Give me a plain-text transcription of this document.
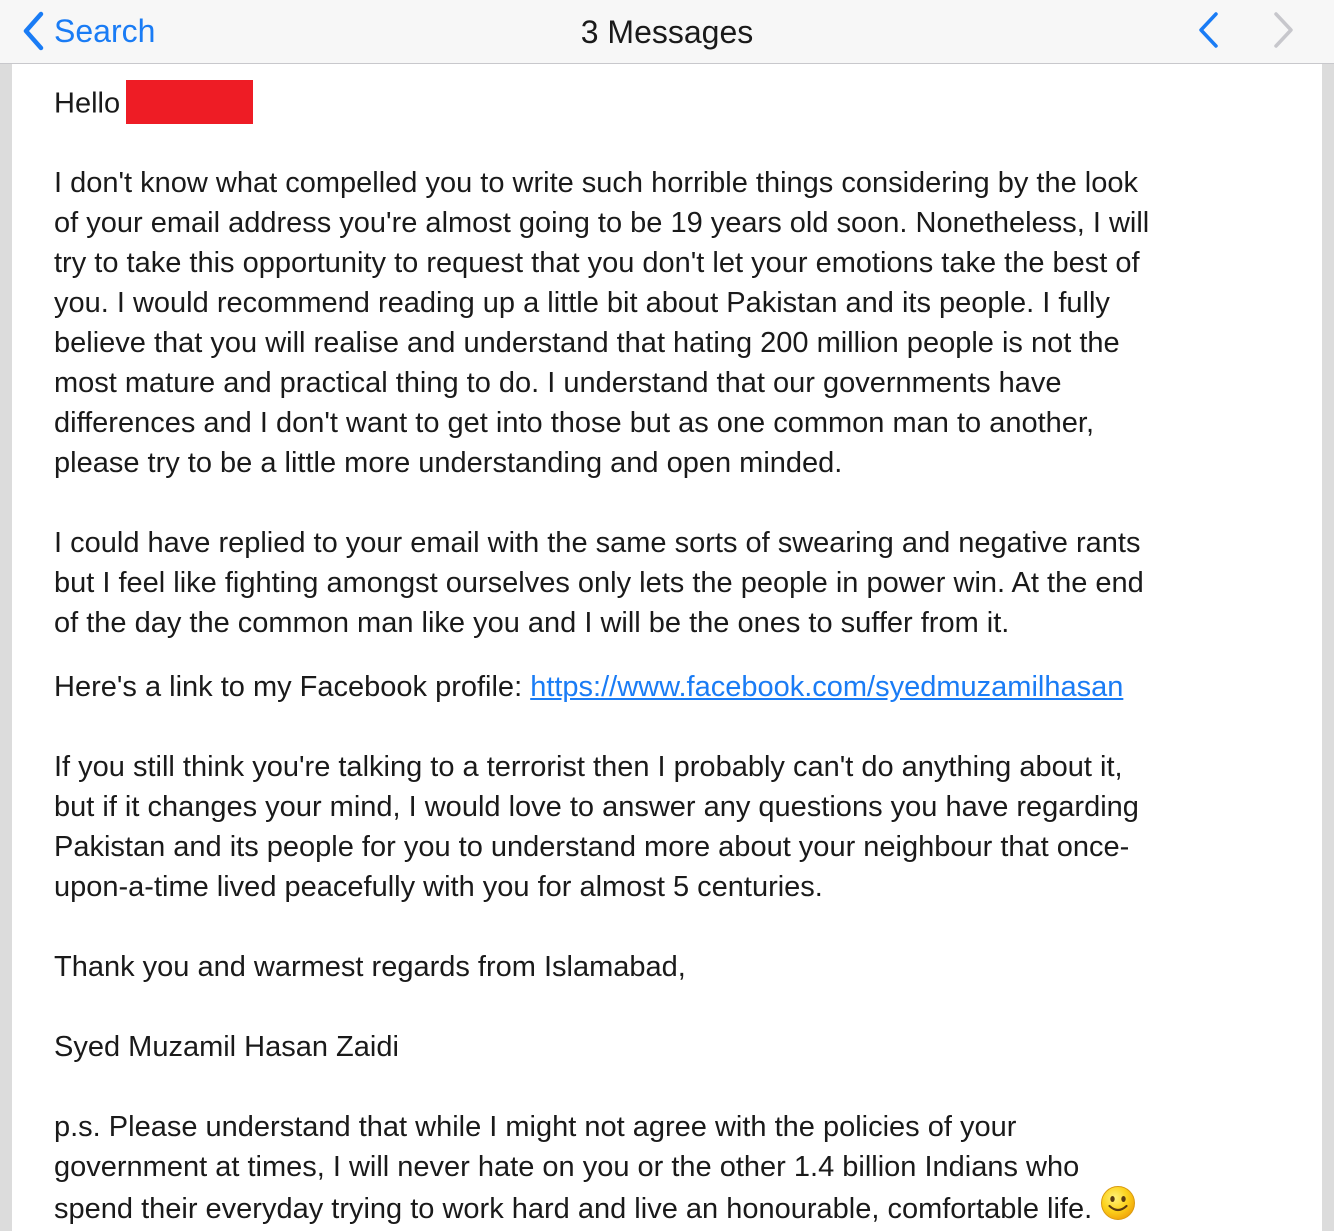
Search	3 Messages
Hello
I don't know what compelled you to write such horrible things considering by the look
of your email address you're almost going to be 19 years old soon. Nonetheless, I will
try to take this opportunity to request that you don't let your emotions take the best of
you. I would recommend reading up a little bit about Pakistan and its people. I fully
believe that you will realise and understand that hating 200 million people is not the
most mature and practical thing to do. I understand that our governments have
differences and I don't want to get into those but as one common man to another,
please try to be a little more understanding and open minded.
I could have replied to your email with the same sorts of swearing and negative rants
but I feel like fighting amongst ourselves only lets the people in power win. At the end
of the day the common man like you and I will be the ones to suffer from it.
Here's a link to my Facebook profile: https://www.facebook.com/syedmuzamilhasan
If you still think you're talking to a terrorist then I probably can't do anything about it,
but if it changes your mind, I would love to answer any questions you have regarding
Pakistan and its people for you to understand more about your neighbour that once-
upon-a-time lived peacefully with you for almost 5 centuries.
Thank you and warmest regards from Islamabad,
Syed Muzamil Hasan Zaidi
p.s. Please understand that while I might not agree with the policies of your
government at times, I will never hate on you or the other 1.4 billion Indians who
spend their everyday trying to work hard and live an honourable, comfortable life.
